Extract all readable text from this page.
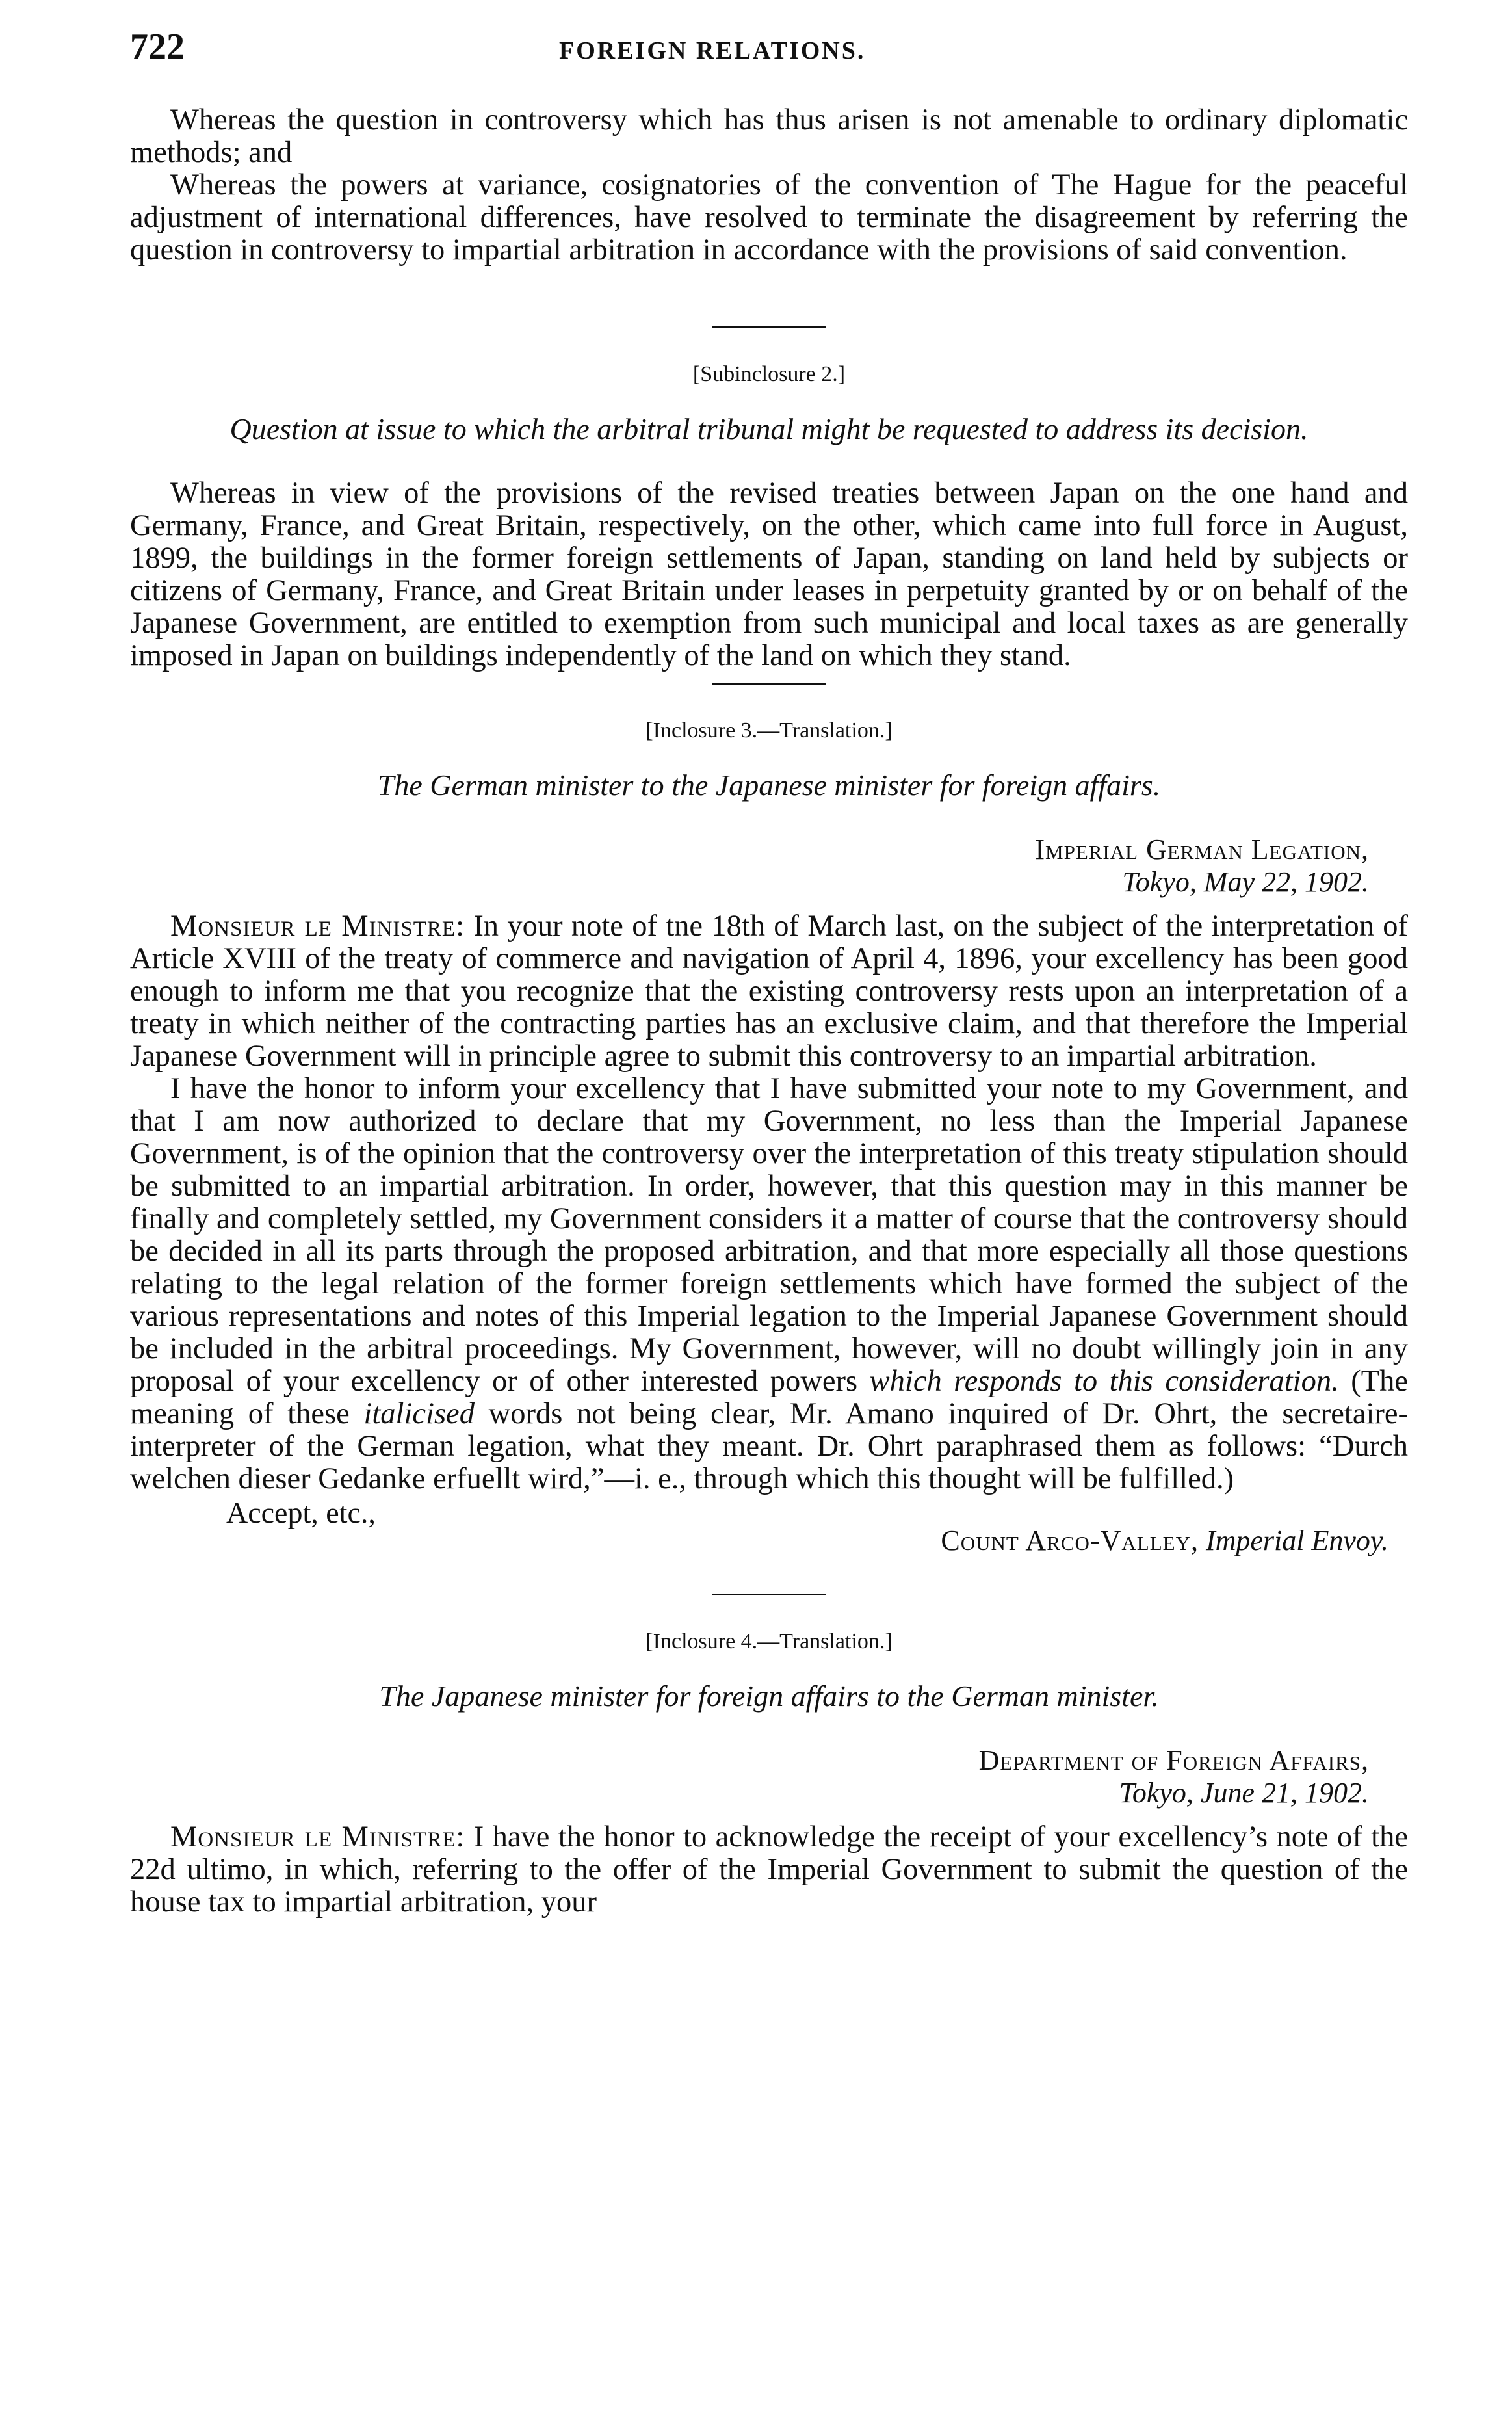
722	FOREIGN RELATIONS.

Whereas the question in controversy which has thus arisen is not amenable to ordinary diplomatic methods; and

Whereas the powers at variance, cosignatories of the convention of The Hague for the peaceful adjustment of international differences, have resolved to terminate the disagreement by referring the question in controversy to impartial arbitration in accordance with the provisions of said convention.

[Subinclosure 2.]

Question at issue to which the arbitral tribunal might be requested to address its decision.

Whereas in view of the provisions of the revised treaties between Japan on the one hand and Germany, France, and Great Britain, respectively, on the other, which came into full force in August, 1899, the buildings in the former foreign settlements of Japan, standing on land held by subjects or citizens of Germany, France, and Great Britain under leases in perpetuity granted by or on behalf of the Japanese Government, are entitled to exemption from such municipal and local taxes as are generally imposed in Japan on buildings independently of the land on which they stand.

[Inclosure 3.—Translation.]

The German minister to the Japanese minister for foreign affairs.

Imperial German Legation,
Tokyo, May 22, 1902.

Monsieur le Ministre: In your note of tne 18th of March last, on the subject of the interpretation of Article XVIII of the treaty of commerce and navigation of April 4, 1896, your excellency has been good enough to inform me that you recognize that the existing controversy rests upon an interpretation of a treaty in which neither of the contracting parties has an exclusive claim, and that therefore the Imperial Japanese Government will in principle agree to submit this controversy to an impartial arbitration.

I have the honor to inform your excellency that I have submitted your note to my Government, and that I am now authorized to declare that my Government, no less than the Imperial Japanese Government, is of the opinion that the controversy over the interpretation of this treaty stipulation should be submitted to an impartial arbitration. In order, however, that this question may in this manner be finally and completely settled, my Government considers it a matter of course that the controversy should be decided in all its parts through the proposed arbitration, and that more especially all those questions relating to the legal relation of the former foreign settlements which have formed the subject of the various representations and notes of this Imperial legation to the Imperial Japanese Government should be included in the arbitral proceedings. My Government, however, will no doubt willingly join in any proposal of your excellency or of other interested powers which responds to this consideration. (The meaning of these italicised words not being clear, Mr. Amano inquired of Dr. Ohrt, the secretaire-interpreter of the German legation, what they meant. Dr. Ohrt paraphrased them as follows: “Durch welchen dieser Gedanke erfuellt wird,”—i. e., through which this thought will be fulfilled.)

Accept, etc.,
Count Arco-Valley, Imperial Envoy.

[Inclosure 4.—Translation.]

The Japanese minister for foreign affairs to the German minister.

Department of Foreign Affairs,
Tokyo, June 21, 1902.

Monsieur le Ministre: I have the honor to acknowledge the receipt of your excellency’s note of the 22d ultimo, in which, referring to the offer of the Imperial Government to submit the question of the house tax to impartial arbitration, your
